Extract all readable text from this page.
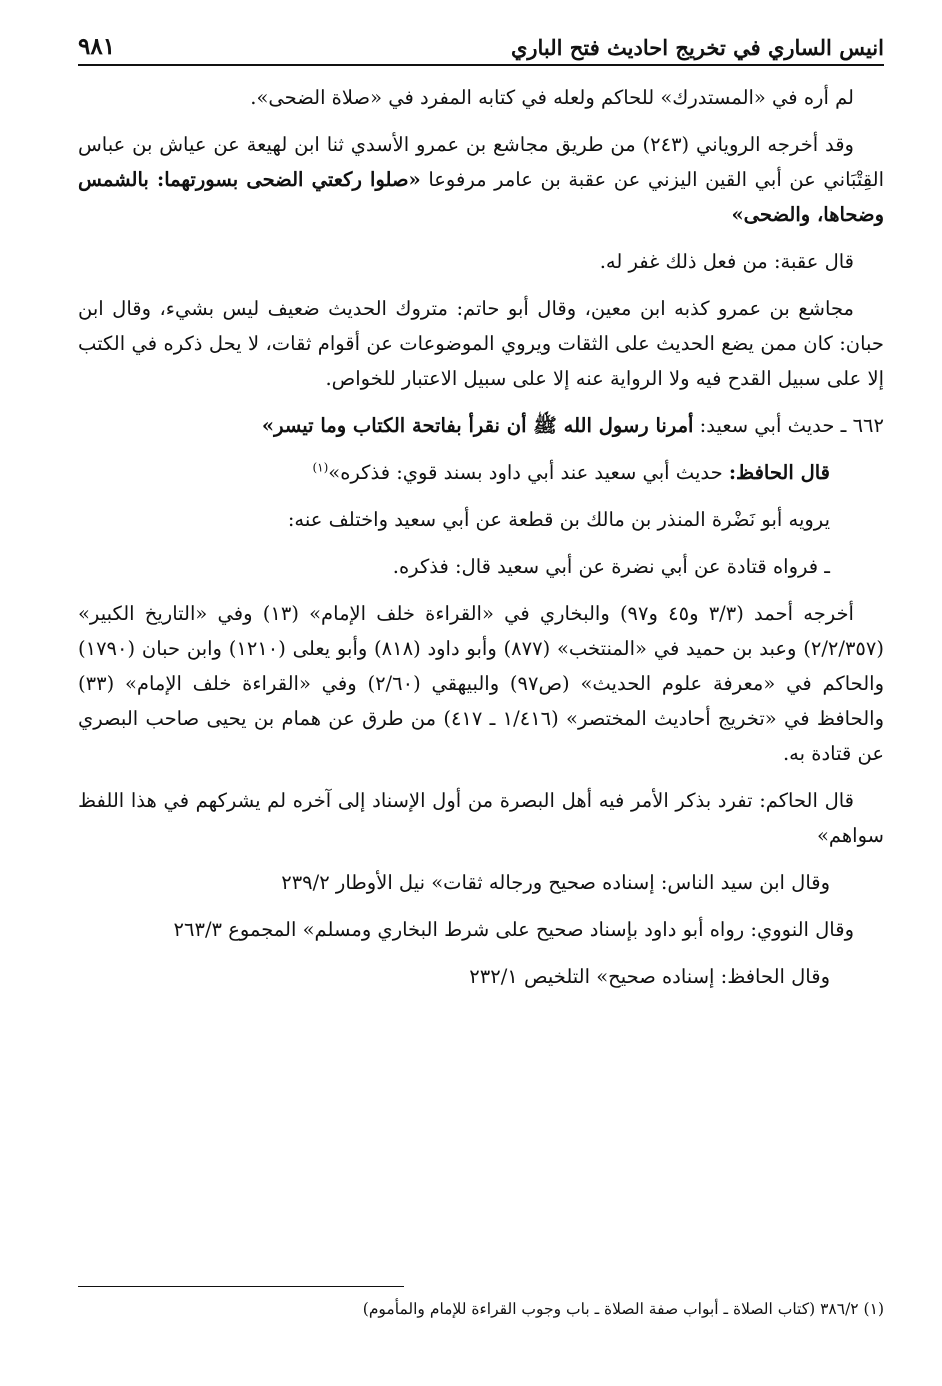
انيس الساري في تخريج احاديث فتح الباري
٩٨١

لم أره في «المستدرك» للحاكم ولعله في كتابه المفرد في «صلاة الضحى».

وقد أخرجه الروياني (٢٤٣) من طريق مجاشع بن عمرو الأسدي ثنا ابن لهيعة عن عياش بن عباس القِتْبَاني عن أبي القين اليزني عن عقبة بن عامر مرفوعا «صلوا ركعتي الضحى بسورتهما: بالشمس وضحاها، والضحى»

قال عقبة: من فعل ذلك غفر له.

مجاشع بن عمرو كذبه ابن معين، وقال أبو حاتم: متروك الحديث ضعيف ليس بشيء، وقال ابن حبان: كان ممن يضع الحديث على الثقات ويروي الموضوعات عن أقوام ثقات، لا يحل ذكره في الكتب إلا على سبيل القدح فيه ولا الرواية عنه إلا على سبيل الاعتبار للخواص.

٦٦٢ ـ حديث أبي سعيد: أمرنا رسول الله ﷺ أن نقرأ بفاتحة الكتاب وما تيسر»

قال الحافظ: حديث أبي سعيد عند أبي داود بسند قوي: فذكره»$^{(١)}$

يرويه أبو نَضْرة المنذر بن مالك بن قطعة عن أبي سعيد واختلف عنه:

ـ فرواه قتادة عن أبي نضرة عن أبي سعيد قال: فذكره.

أخرجه أحمد (٣/٣ و٤٥ و٩٧) والبخاري في «القراءة خلف الإمام» (١٣) وفي «التاريخ الكبير» (٢/٢/٣٥٧) وعبد بن حميد في «المنتخب» (٨٧٧) وأبو داود (٨١٨) وأبو يعلى (١٢١٠) وابن حبان (١٧٩٠) والحاكم في «معرفة علوم الحديث» (ص٩٧) والبيهقي (٢/٦٠) وفي «القراءة خلف الإمام» (٣٣) والحافظ في «تخريج أحاديث المختصر» (١/٤١٦ ـ ٤١٧) من طرق عن همام بن يحيى صاحب البصري عن قتادة به.

قال الحاكم: تفرد بذكر الأمر فيه أهل البصرة من أول الإسناد إلى آخره لم يشركهم في هذا اللفظ سواهم»

وقال ابن سيد الناس: إسناده صحيح ورجاله ثقات» نيل الأوطار ٢٣٩/٢

وقال النووي: رواه أبو داود بإسناد صحيح على شرط البخاري ومسلم» المجموع ٢٦٣/٣

وقال الحافظ: إسناده صحيح» التلخيص ٢٣٢/١

(١) ٣٨٦/٢ (كتاب الصلاة ـ أبواب صفة الصلاة ـ باب وجوب القراءة للإمام والمأموم)
